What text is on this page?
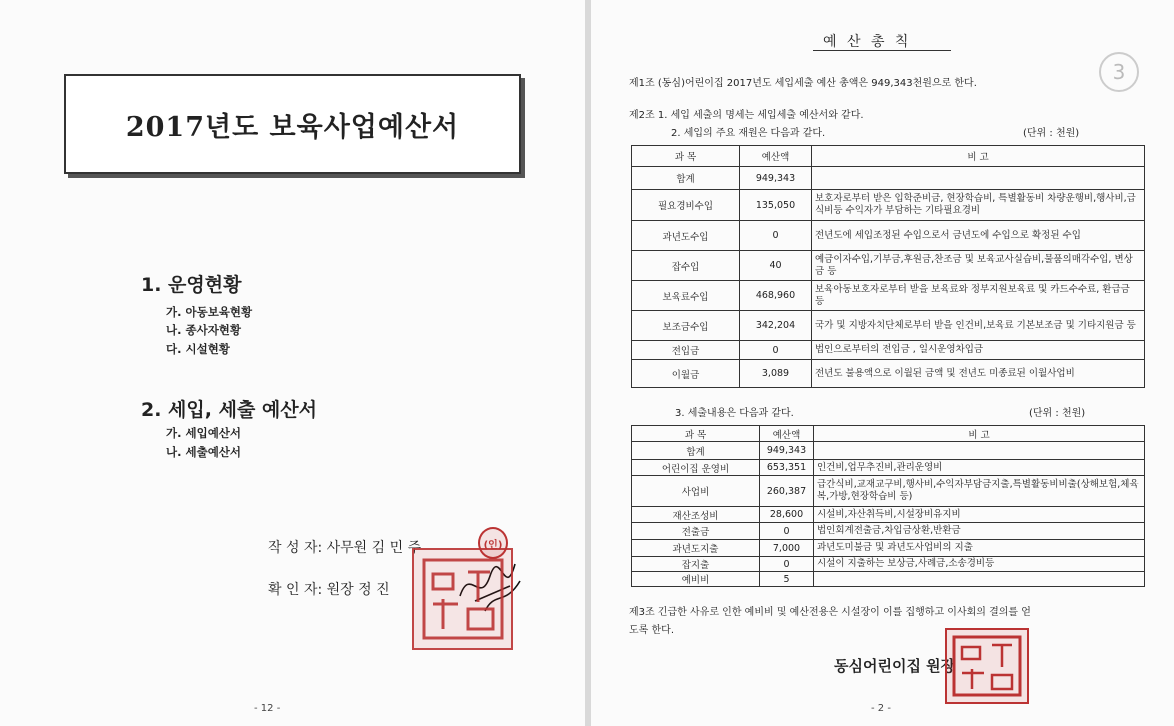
2017년도 보육사업예산서
1. 운영현황
가. 아동보육현황
나. 종사자현황
다. 시설현황
2. 세입, 세출 예산서
가. 세입예산서
나. 세출예산서
작 성 자: 사무원 김 민 주	(인)
확 인 자: 원장 정 진
- 12 -
예 산 총 칙
3
제1조 (동심)어린이집 2017년도 세입세출 예산 총액은 949,343천원으로 한다.
제2조 1. 세입 세출의 명세는 세입세출 예산서와 같다.
2. 세입의 주요 재원은 다음과 같다.	(단위 : 천원)
과 목	예산액	비 고
합계	949,343	
필요경비수입	135,050	보호자로부터 받은 입학준비금, 현장학습비, 특별활동비 차량운행비,행사비,급식비등 수익자가 부담하는 기타필요경비
과년도수입	0	전년도에 세입조정된 수입으로서 금년도에 수입으로 확정된 수입
잡수입	40	예금이자수입,기부금,후원금,찬조금 및 보육교사실습비,물품의매각수입, 변상금 등
보육료수입	468,960	보육아동보호자로부터 받을 보육료와 정부지원보육료 및 카드수수료, 환급금 등
보조금수입	342,204	국가 및 지방자치단체로부터 받을 인건비,보육료 기본보조금 및 기타지원금 등
전입금	0	법인으로부터의 전입금 , 일시운영차입금
이월금	3,089	전년도 불용액으로 이월된 금액 및 전년도 미종료된 이월사업비
3. 세출내용은 다음과 같다.	(단위 : 천원)
과 목	예산액	비 고
합계	949,343	
어린이집 운영비	653,351	인건비,업무추진비,관리운영비
사업비	260,387	급간식비,교재교구비,행사비,수익자부담금지출,특별활동비비출(상해보험,체육복,가방,현장학습비 등)
재산조성비	28,600	시설비,자산취득비,시설장비유지비
전출금	0	법인회계전출금,차입금상환,반환금
과년도지출	7,000	과년도미불금 및 과년도사업비의 지출
잡지출	0	시설이 지출하는 보상금,사례금,소송경비등
예비비	5	
제3조 긴급한 사유로 인한 예비비 및 예산전용은 시설장이 이를 집행하고 이사회의 결의를 얻
도록 한다.
동심어린이집 원장
- 2 -
